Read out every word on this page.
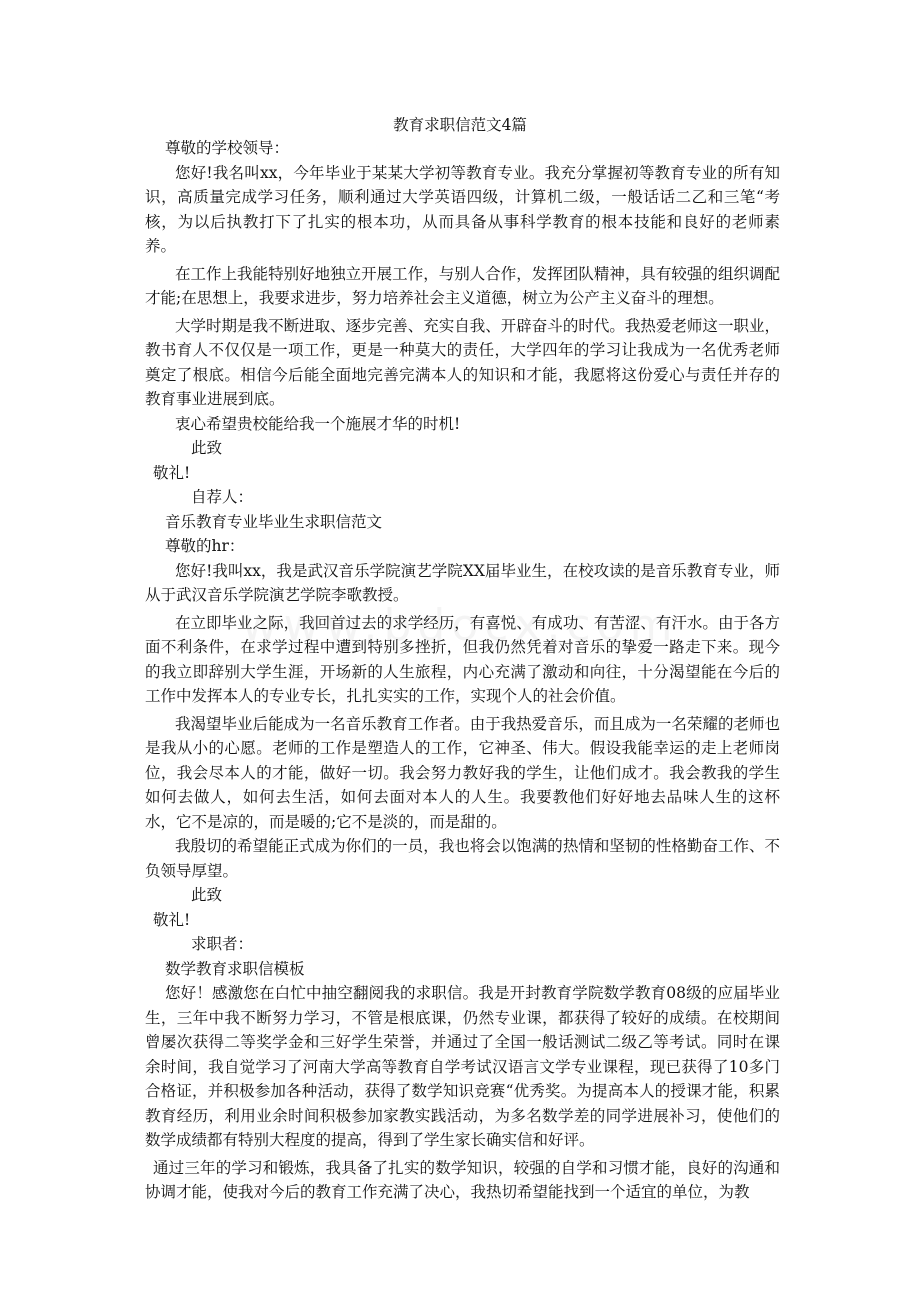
教育求职信范文4篇

尊敬的学校领导：

您好!我名叫xx，今年毕业于某某大学初等教育专业。我充分掌握初等教育专业的所有知识，高质量完成学习任务，顺利通过大学英语四级，计算机二级，一般话话二乙和三笔“考核，为以后执教打下了扎实的根本功，从而具备从事科学教育的根本技能和良好的老师素养。

在工作上我能特别好地独立开展工作，与别人合作，发挥团队精神，具有较强的组织调配才能;在思想上，我要求进步，努力培养社会主义道德，树立为公产主义奋斗的理想。

大学时期是我不断进取、逐步完善、充实自我、开辟奋斗的时代。我热爱老师这一职业，教书育人不仅仅是一项工作，更是一种莫大的责任，大学四年的学习让我成为一名优秀老师奠定了根底。相信今后能全面地完善完满本人的知识和才能，我愿将这份爱心与责任并存的教育事业进展到底。

衷心希望贵校能给我一个施展才华的时机!

此致

敬礼!

自荐人：

音乐教育专业毕业生求职信范文

尊敬的hr：

您好!我叫xx，我是武汉音乐学院演艺学院XX届毕业生，在校攻读的是音乐教育专业，师从于武汉音乐学院演艺学院李歌教授。

在立即毕业之际，我回首过去的求学经历，有喜悦、有成功、有苦涩、有汗水。由于各方面不利条件，在求学过程中遭到特别多挫折，但我仍然凭着对音乐的挚爱一路走下来。现今的我立即辞别大学生涯，开场新的人生旅程，内心充满了激动和向往，十分渴望能在今后的工作中发挥本人的专业专长，扎扎实实的工作，实现个人的社会价值。

我渴望毕业后能成为一名音乐教育工作者。由于我热爱音乐，而且成为一名荣耀的老师也是我从小的心愿。老师的工作是塑造人的工作，它神圣、伟大。假设我能幸运的走上老师岗位，我会尽本人的才能，做好一切。我会努力教好我的学生，让他们成才。我会教我的学生如何去做人，如何去生活，如何去面对本人的人生。我要教他们好好地去品味人生的这杯水，它不是凉的，而是暖的;它不是淡的，而是甜的。

我殷切的希望能正式成为你们的一员，我也将会以饱满的热情和坚韧的性格勤奋工作、不负领导厚望。

此致

敬礼!

求职者：

数学教育求职信模板

您好！感激您在白忙中抽空翻阅我的求职信。我是开封教育学院数学教育08级的应届毕业生，三年中我不断努力学习，不管是根底课，仍然专业课，都获得了较好的成绩。在校期间曾屡次获得二等奖学金和三好学生荣誉，并通过了全国一般话测试二级乙等考试。同时在课余时间，我自觉学习了河南大学高等教育自学考试汉语言文学专业课程，现已获得了10多门合格证，并积极参加各种活动，获得了数学知识竞赛“优秀奖。为提高本人的授课才能，积累教育经历，利用业余时间积极参加家教实践活动，为多名数学差的同学进展补习，使他们的数学成绩都有特别大程度的提高，得到了学生家长确实信和好评。

通过三年的学习和锻炼，我具备了扎实的数学知识，较强的自学和习惯才能，良好的沟通和协调才能，使我对今后的教育工作充满了决心，我热切希望能找到一个适宜的单位，为教
